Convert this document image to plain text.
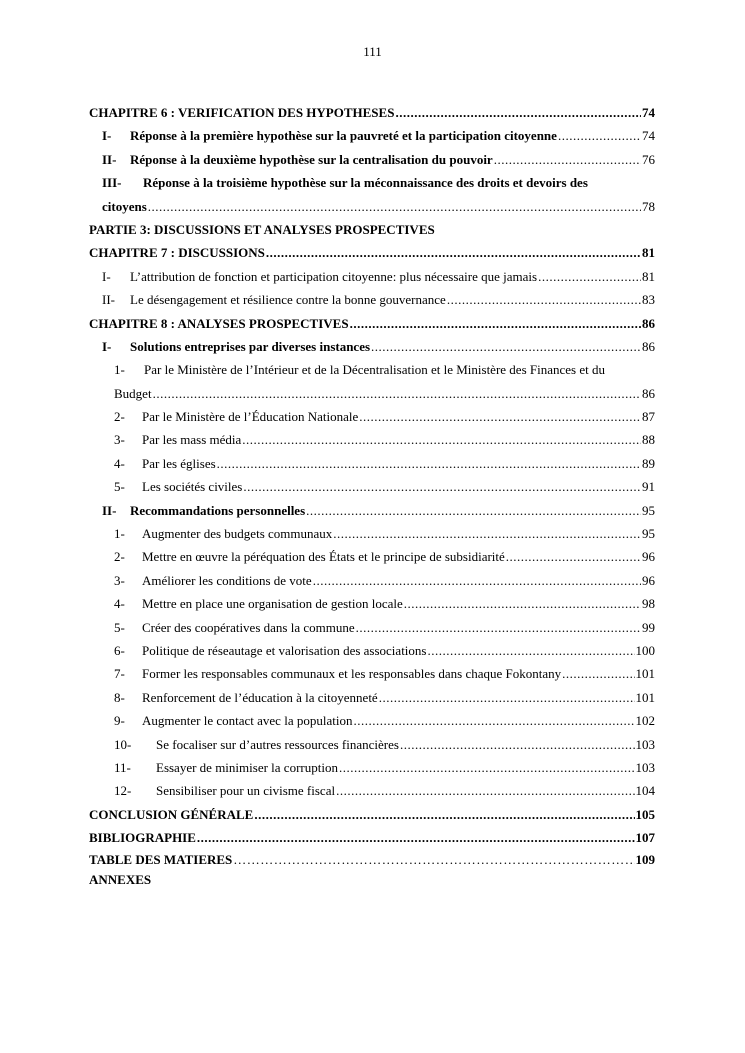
111
CHAPITRE 6 : VERIFICATION DES HYPOTHESES .....	74
I-	Réponse à la première hypothèse sur la pauvreté et la participation citoyenne .....	74
II-	Réponse à la deuxième hypothèse sur la centralisation du pouvoir .....	76
III- Réponse à la troisième hypothèse sur la méconnaissance des droits et devoirs des
citoyens .....	78
PARTIE 3: DISCUSSIONS ET ANALYSES PROSPECTIVES
CHAPITRE 7 : DISCUSSIONS .....	81
I-	L’attribution de fonction et participation citoyenne: plus nécessaire que jamais .....	81
II-	Le désengagement et résilience contre la bonne gouvernance .....	83
CHAPITRE 8 : ANALYSES PROSPECTIVES .....	86
I-	Solutions entreprises par diverses instances .....	86
1- Par le Ministère de l’Intérieur et de la Décentralisation et le Ministère des Finances et du
Budget .....	86
2-	Par le Ministère de l’Éducation Nationale .....	87
3-	Par les mass média .....	88
4-	Par les églises .....	89
5-	Les sociétés civiles .....	91
II-	Recommandations personnelles .....	95
1-	Augmenter des budgets communaux .....	95
2-	Mettre en œuvre la péréquation des États et le principe de subsidiarité .....	96
3-	Améliorer les conditions de vote .....	96
4-	Mettre en place une organisation de gestion locale .....	98
5-	Créer des coopératives dans la commune .....	99
6-	Politique de réseautage et valorisation des associations .....	100
7-	Former les responsables communaux et les responsables dans chaque Fokontany .....	101
8-	Renforcement de l’éducation à la citoyenneté .....	101
9-	Augmenter le contact avec la population .....	102
10-	Se focaliser sur d’autres ressources financières .....	103
11-	Essayer de minimiser la corruption .....	103
12-	Sensibiliser pour un civisme fiscal .....	104
CONCLUSION GÉNÉRALE .....	105
BIBLIOGRAPHIE .....	107
TABLE DES MATIERES ……………………………………………………………………………………………………………………………………	109
ANNEXES
